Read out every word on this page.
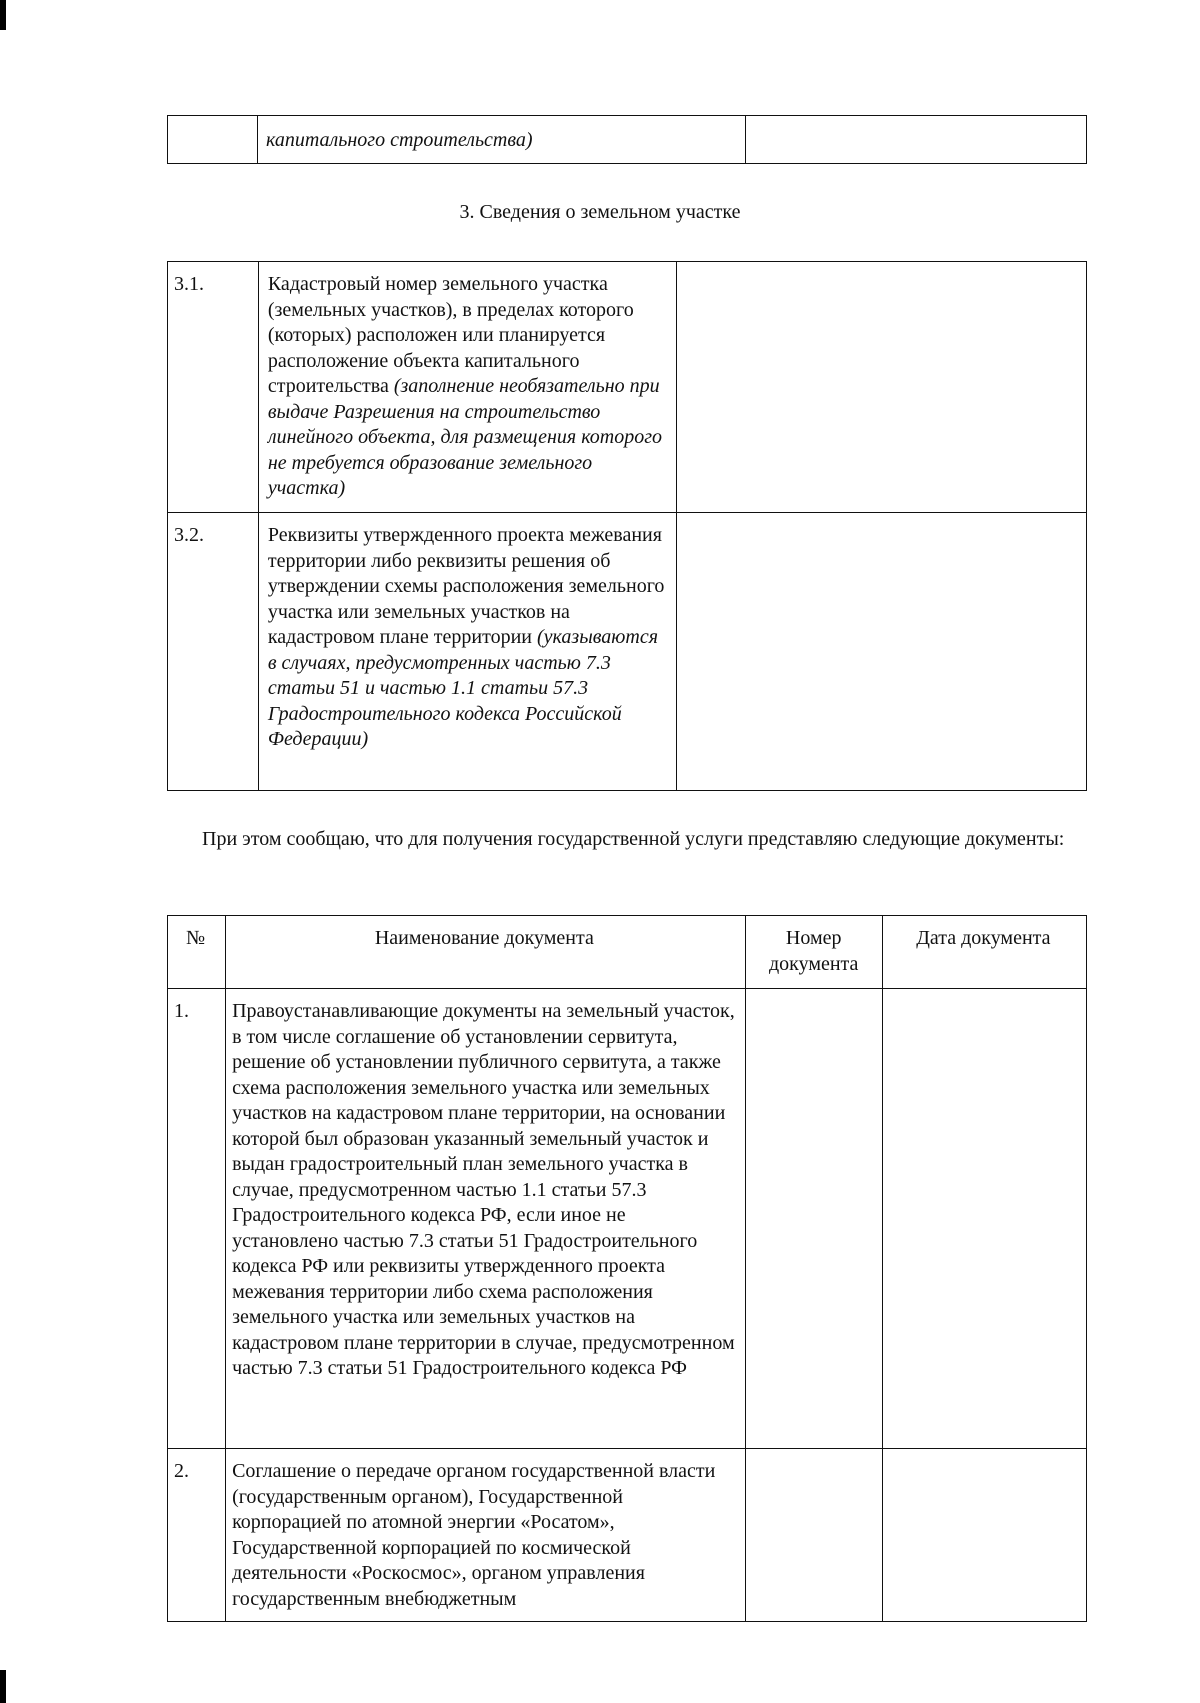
капитального строительства)

3. Сведения о земельном участке
3.1.	Кадастровый номер земельного участка (земельных участков), в пределах которого (которых) расположен или планируется расположение объекта капитального строительства (заполнение необязательно при выдаче Разрешения на строительство линейного объекта, для размещения которого не требуется образование земельного участка)	

3.2.	Реквизиты утвержденного проекта межевания территории либо реквизиты решения об утверждении схемы расположения земельного участка или земельных участков на кадастровом плане территории (указываются в случаях, предусмотренных частью 7.3 статьи 51 и частью 1.1 статьи 57.3 Градостроительного кодекса Российской Федерации)	

При этом сообщаю, что для получения государственной услуги представляю следующие документы:
№	Наименование документа	Номер документа	Дата документа

1.	Правоустанавливающие документы на земельный участок, в том числе соглашение об установлении сервитута, решение об установлении публичного сервитута, а также схема расположения земельного участка или земельных участков на кадастровом плане территории, на основании которой был образован указанный земельный участок и выдан градостроительный план земельного участка в случае, предусмотренном частью 1.1 статьи 57.3 Градостроительного кодекса РФ, если иное не установлено частью 7.3 статьи 51 Градостроительного кодекса РФ или реквизиты утвержденного проекта межевания территории либо схема расположения земельного участка или земельных участков на кадастровом плане территории в случае, предусмотренном частью 7.3 статьи 51 Градостроительного кодекса РФ		

2.	Соглашение о передаче органом государственной власти (государственным органом), Государственной корпорацией по атомной энергии «Росатом», Государственной корпорацией по космической деятельности «Роскосмос», органом управления государственным внебюджетным		
